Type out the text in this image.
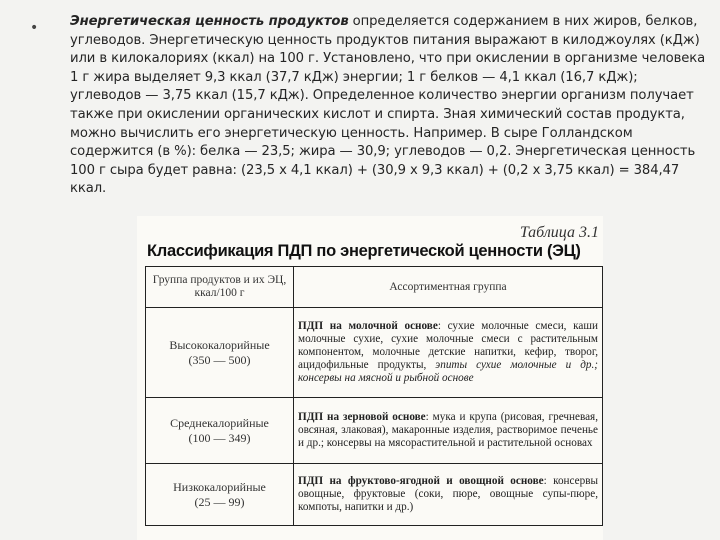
• Энергетическая ценность продуктов определяется содержанием в них жиров, белков, углеводов. Энергетическую ценность продуктов питания выражают в килоджоулях (кДж) или в килокалориях (ккал) на 100 г. Установлено, что при окислении в организме человека 1 г жира выделяет 9,3 ккал (37,7 кДж) энергии; 1 г белков — 4,1 ккал (16,7 кДж); углеводов — 3,75 ккал (15,7 кДж). Определенное количество энергии организм получает также при окислении органических кислот и спирта. Зная химический состав продукта, можно вычислить его энергетическую ценность. Например. В сыре Голландском содержится (в %): белка — 23,5; жира — 30,9; углеводов — 0,2. Энергетическая ценность 100 г сыра будет равна: (23,5 х 4,1 ккал) + (30,9 х 9,3 ккал) + (0,2 х 3,75 ккал) = 384,47 ккал.
Таблица 3.1
Классификация ПДП по энергетической ценности (ЭЦ)
Группа продуктов и их ЭЦ, ккал/100 г	Ассортиментная группа

Высококалорийные
(350 — 500)	ПДП на молочной основе: сухие молочные смеси, каши молочные сухие, сухие молочные смеси с растительным компонентом, молочные детские напитки, кефир, творог, ацидофильные продукты, эпиты сухие молочные и др.; консервы на мясной и рыбной основе

Среднекалорийные
(100 — 349)	ПДП на зерновой основе: мука и крупа (рисовая, гречневая, овсяная, злаковая), макаронные изделия, растворимое печенье и др.; консервы на мясорастительной и растительной основах

Низкокалорийные
(25 — 99)	ПДП на фруктово-ягодной и овощной основе: консервы овощные, фруктовые (соки, пюре, овощные супы-пюре, компоты, напитки и др.)
